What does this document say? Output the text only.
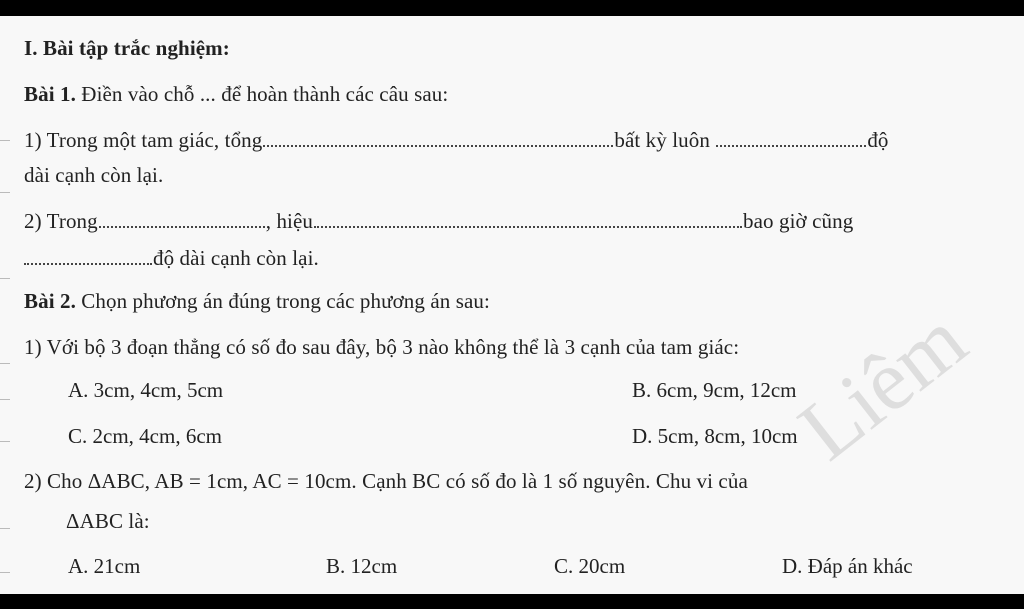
Liêm
I. Bài tập trắc nghiệm:
Bài 1. Điền vào chỗ ... để hoàn thành các câu sau:
1) Trong một tam giác, tổng	bất kỳ luôn	độ
dài cạnh còn lại.
2) Trong	, hiệu	bao giờ cũng
độ dài cạnh còn lại.
Bài 2. Chọn phương án đúng trong các phương án sau:
1) Với bộ 3 đoạn thẳng có số đo sau đây, bộ 3 nào không thể là 3 cạnh của tam giác:
A. 3cm, 4cm, 5cm	B. 6cm, 9cm, 12cm
C. 2cm, 4cm, 6cm	D. 5cm, 8cm, 10cm
2) Cho ΔABC, AB = 1cm, AC = 10cm. Cạnh BC có số đo là 1 số nguyên. Chu vi của
ΔABC là:
A. 21cm	B. 12cm	C. 20cm	D. Đáp án khác
